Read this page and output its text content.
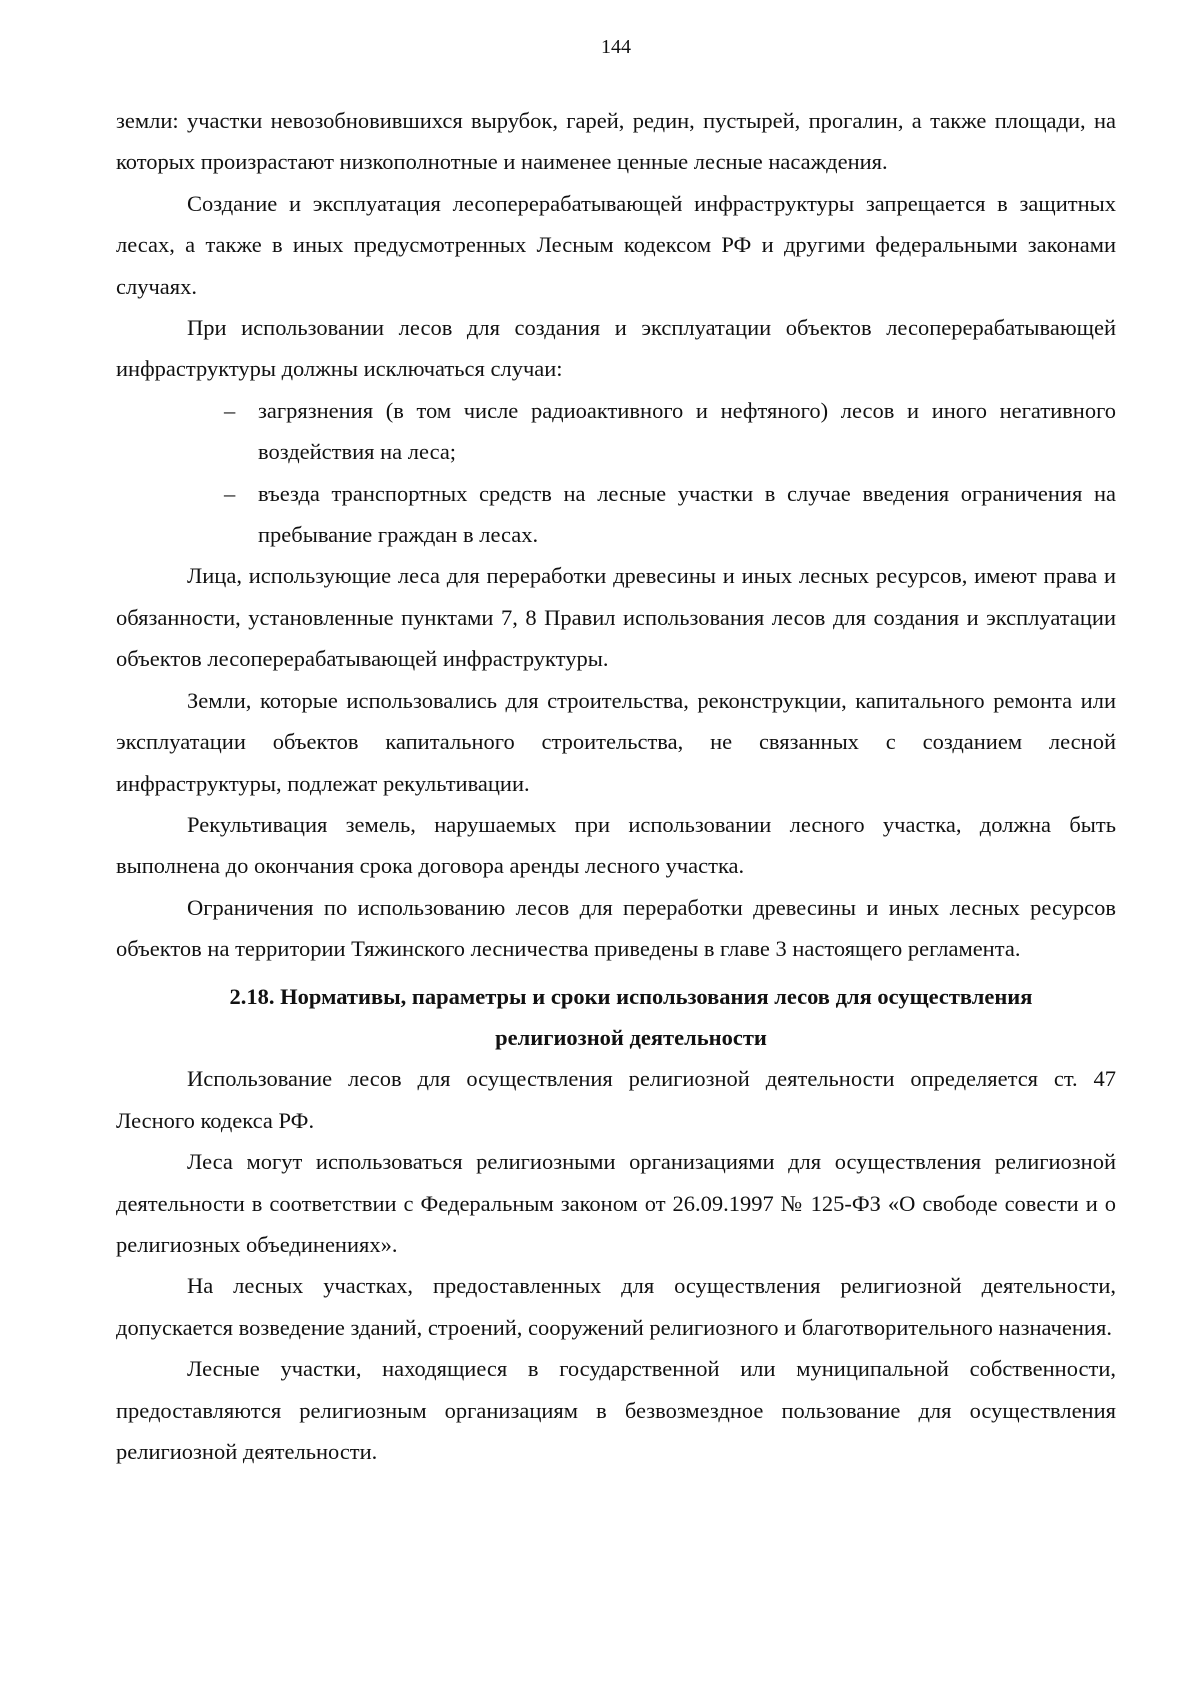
144

земли: участки невозобновившихся вырубок, гарей, редин, пустырей, прогалин, а также площади, на которых произрастают низкополнотные и наименее ценные лесные насаждения.

Создание и эксплуатация лесоперерабатывающей инфраструктуры запрещается в защитных лесах, а также в иных предусмотренных Лесным кодексом РФ и другими федеральными законами случаях.

При использовании лесов для создания и эксплуатации объектов лесоперерабатывающей инфраструктуры должны исключаться случаи:

– загрязнения (в том числе радиоактивного и нефтяного) лесов и иного негативного воздействия на леса;
– въезда транспортных средств на лесные участки в случае введения ограничения на пребывание граждан в лесах.

Лица, использующие леса для переработки древесины и иных лесных ресурсов, имеют права и обязанности, установленные пунктами 7, 8 Правил использования лесов для создания и эксплуатации объектов лесоперерабатывающей инфраструктуры.

Земли, которые использовались для строительства, реконструкции, капитального ремонта или эксплуатации объектов капитального строительства, не связанных с созданием лесной инфраструктуры, подлежат рекультивации.

Рекультивация земель, нарушаемых при использовании лесного участка, должна быть выполнена до окончания срока договора аренды лесного участка.

Ограничения по использованию лесов для переработки древесины и иных лесных ресурсов объектов на территории Тяжинского лесничества приведены в главе 3 настоящего регламента.

2.18. Нормативы, параметры и сроки использования лесов для осуществления
религиозной деятельности

Использование лесов для осуществления религиозной деятельности определяется ст. 47 Лесного кодекса РФ.

Леса могут использоваться религиозными организациями для осуществления религиозной деятельности в соответствии с Федеральным законом от 26.09.1997 № 125-ФЗ «О свободе совести и о религиозных объединениях».

На лесных участках, предоставленных для осуществления религиозной деятельности, допускается возведение зданий, строений, сооружений религиозного и благотворительного назначения.

Лесные участки, находящиеся в государственной или муниципальной собственности, предоставляются религиозным организациям в безвозмездное пользование для осуществления религиозной деятельности.
